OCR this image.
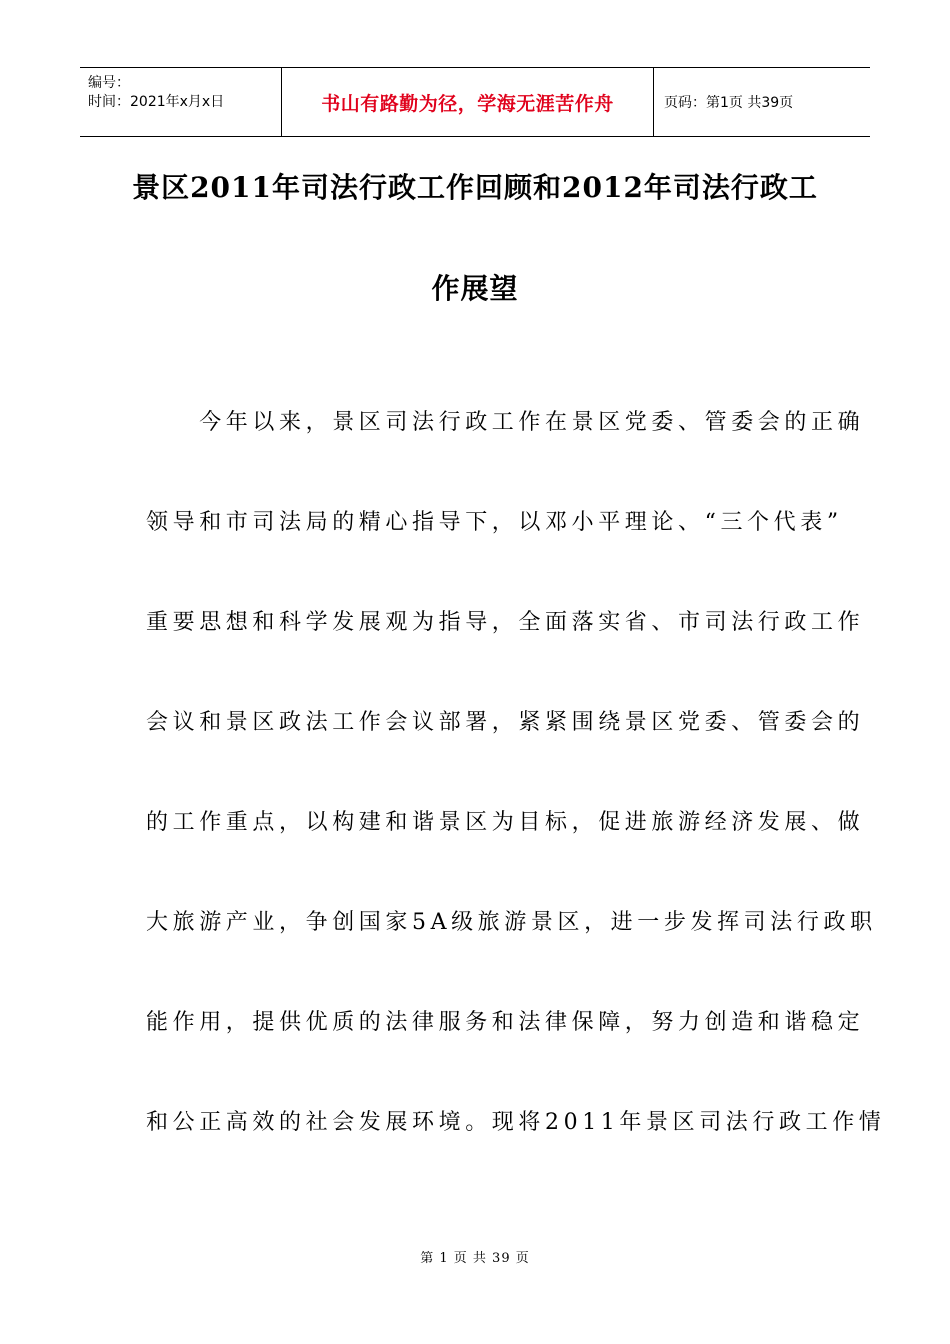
编号：
时间：2021年x月x日	书山有路勤为径，学海无涯苦作舟	页码：第1页 共39页
景区2011年司法行政工作回顾和2012年司法行政工
作展望

　　今年以来，景区司法行政工作在景区党委、管委会的正确

领导和市司法局的精心指导下，以邓小平理论、“三个代表”

重要思想和科学发展观为指导，全面落实省、市司法行政工作

会议和景区政法工作会议部署，紧紧围绕景区党委、管委会的

的工作重点，以构建和谐景区为目标，促进旅游经济发展、做

大旅游产业，争创国家5A级旅游景区，进一步发挥司法行政职

能作用，提供优质的法律服务和法律保障，努力创造和谐稳定

和公正高效的社会发展环境。现将2011年景区司法行政工作情

第 1 页 共 39 页
